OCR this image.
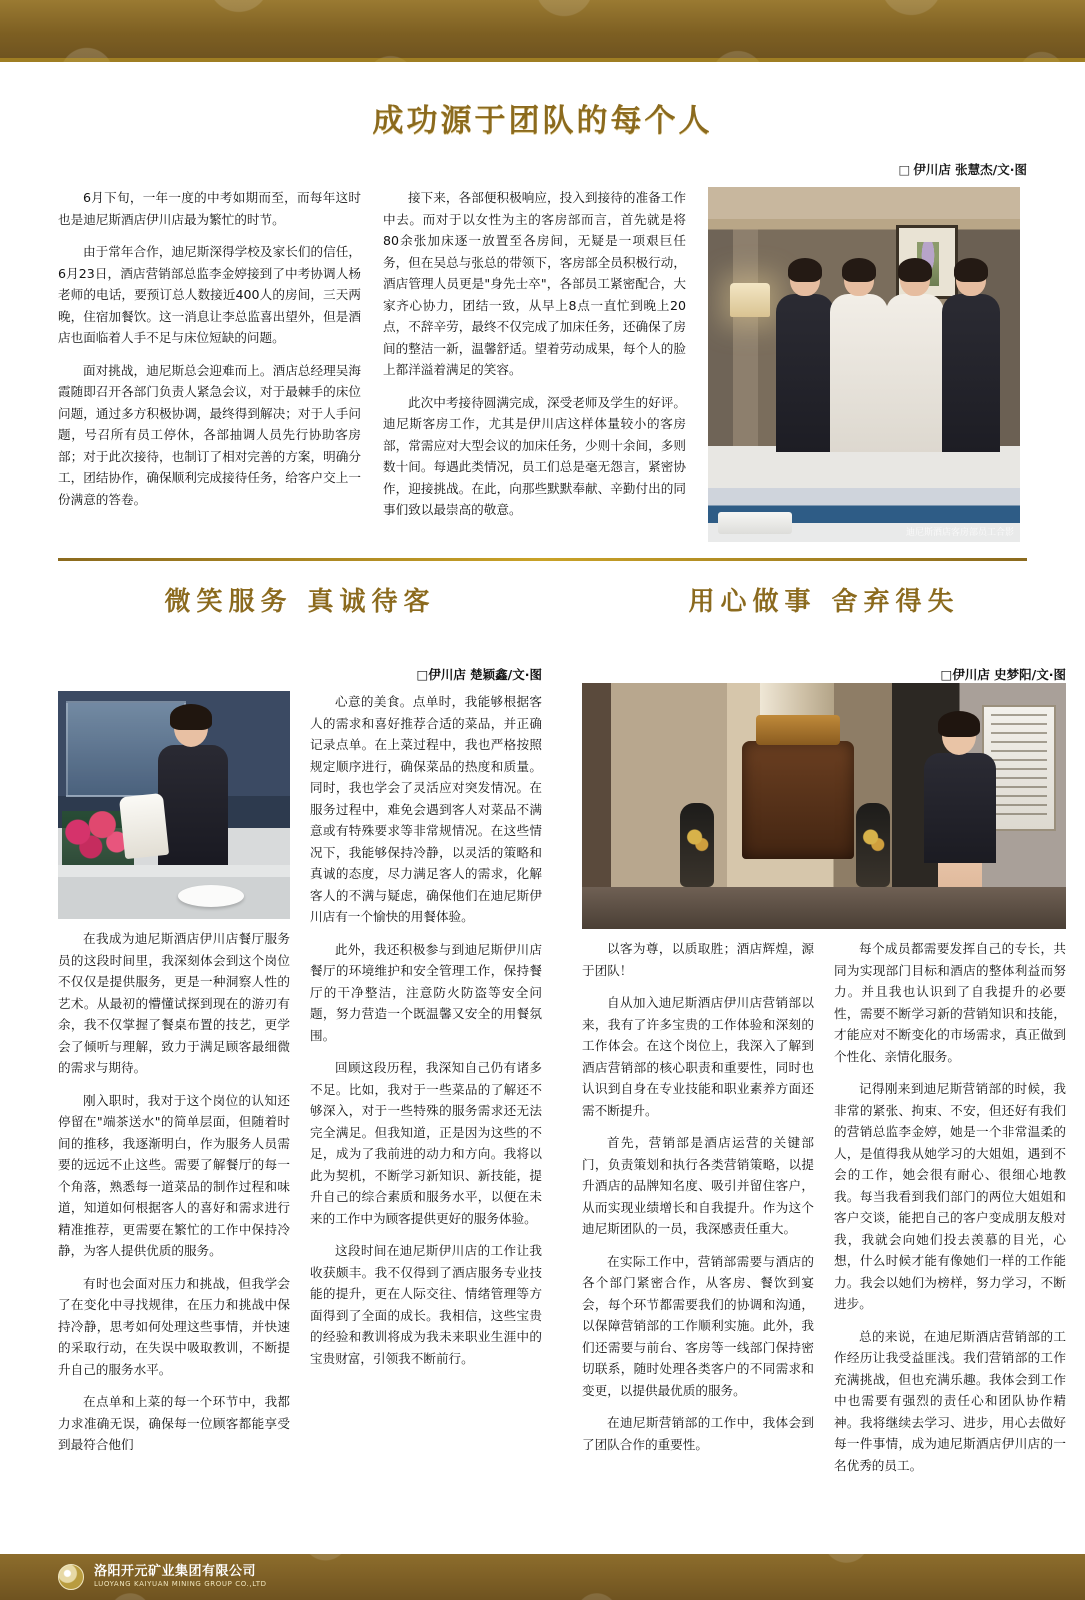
成功源于团队的每个人
□ 伊川店 张慧杰/文·图

6月下旬，一年一度的中考如期而至，而每年这时也是迪尼斯酒店伊川店最为繁忙的时节。

由于常年合作，迪尼斯深得学校及家长们的信任，6月23日，酒店营销部总监李金婷接到了中考协调人杨老师的电话，要预订总人数接近400人的房间，三天两晚，住宿加餐饮。这一消息让李总监喜出望外，但是酒店也面临着人手不足与床位短缺的问题。

面对挑战，迪尼斯总会迎难而上。酒店总经理吴海霞随即召开各部门负责人紧急会议，对于最棘手的床位问题，通过多方积极协调，最终得到解决；对于人手问题，号召所有员工停休，各部抽调人员先行协助客房部；对于此次接待，也制订了相对完善的方案，明确分工，团结协作，确保顺利完成接待任务，给客户交上一份满意的答卷。

接下来，各部便积极响应，投入到接待的准备工作中去。而对于以女性为主的客房部而言，首先就是将80余张加床逐一放置至各房间，无疑是一项艰巨任务，但在吴总与张总的带领下，客房部全员积极行动，酒店管理人员更是"身先士卒"，各部员工紧密配合，大家齐心协力，团结一致，从早上8点一直忙到晚上20点，不辞辛劳，最终不仅完成了加床任务，还确保了房间的整洁一新，温馨舒适。望着劳动成果，每个人的脸上都洋溢着满足的笑容。

此次中考接待圆满完成，深受老师及学生的好评。迪尼斯客房工作，尤其是伊川店这样体量较小的客房部，常需应对大型会议的加床任务，少则十余间，多则数十间。每遇此类情况，员工们总是毫无怨言，紧密协作，迎接挑战。在此，向那些默默奉献、辛勤付出的同事们致以最崇高的敬意。

迪尼斯酒店客房部员工合影
微笑服务 真诚待客
□伊川店 楚颖鑫/文·图

在我成为迪尼斯酒店伊川店餐厅服务员的这段时间里，我深刻体会到这个岗位不仅仅是提供服务，更是一种洞察人性的艺术。从最初的懵懂试探到现在的游刃有余，我不仅掌握了餐桌布置的技艺，更学会了倾听与理解，致力于满足顾客最细微的需求与期待。

刚入职时，我对于这个岗位的认知还停留在"端茶送水"的简单层面，但随着时间的推移，我逐渐明白，作为服务人员需要的远远不止这些。需要了解餐厅的每一个角落，熟悉每一道菜品的制作过程和味道，知道如何根据客人的喜好和需求进行精准推荐，更需要在繁忙的工作中保持冷静，为客人提供优质的服务。

有时也会面对压力和挑战，但我学会了在变化中寻找规律，在压力和挑战中保持冷静，思考如何处理这些事情，并快速的采取行动，在失误中吸取教训，不断提升自己的服务水平。

在点单和上菜的每一个环节中，我都力求准确无误，确保每一位顾客都能享受到最符合他们

心意的美食。点单时，我能够根据客人的需求和喜好推荐合适的菜品，并正确记录点单。在上菜过程中，我也严格按照规定顺序进行，确保菜品的热度和质量。同时，我也学会了灵活应对突发情况。在服务过程中，难免会遇到客人对菜品不满意或有特殊要求等非常规情况。在这些情况下，我能够保持冷静，以灵活的策略和真诚的态度，尽力满足客人的需求，化解客人的不满与疑虑，确保他们在迪尼斯伊川店有一个愉快的用餐体验。

此外，我还积极参与到迪尼斯伊川店餐厅的环境维护和安全管理工作，保持餐厅的干净整洁，注意防火防盗等安全问题，努力营造一个既温馨又安全的用餐氛围。

回顾这段历程，我深知自己仍有诸多不足。比如，我对于一些菜品的了解还不够深入，对于一些特殊的服务需求还无法完全满足。但我知道，正是因为这些的不足，成为了我前进的动力和方向。我将以此为契机，不断学习新知识、新技能，提升自己的综合素质和服务水平，以便在未来的工作中为顾客提供更好的服务体验。

这段时间在迪尼斯伊川店的工作让我收获颇丰。我不仅得到了酒店服务专业技能的提升，更在人际交往、情绪管理等方面得到了全面的成长。我相信，这些宝贵的经验和教训将成为我未来职业生涯中的宝贵财富，引领我不断前行。

用心做事 舍弃得失
□伊川店 史梦阳/文·图

以客为尊，以质取胜；酒店辉煌，源于团队！

自从加入迪尼斯酒店伊川店营销部以来，我有了许多宝贵的工作体验和深刻的工作体会。在这个岗位上，我深入了解到酒店营销部的核心职责和重要性，同时也认识到自身在专业技能和职业素养方面还需不断提升。

首先，营销部是酒店运营的关键部门，负责策划和执行各类营销策略，以提升酒店的品牌知名度、吸引并留住客户，从而实现业绩增长和自我提升。作为这个迪尼斯团队的一员，我深感责任重大。

在实际工作中，营销部需要与酒店的各个部门紧密合作，从客房、餐饮到宴会，每个环节都需要我们的协调和沟通，以保障营销部的工作顺利实施。此外，我们还需要与前台、客房等一线部门保持密切联系，随时处理各类客户的不同需求和变更，以提供最优质的服务。

在迪尼斯营销部的工作中，我体会到了团队合作的重要性。

每个成员都需要发挥自己的专长，共同为实现部门目标和酒店的整体利益而努力。并且我也认识到了自我提升的必要性，需要不断学习新的营销知识和技能，才能应对不断变化的市场需求，真正做到个性化、亲情化服务。

记得刚来到迪尼斯营销部的时候，我非常的紧张、拘束、不安，但还好有我们的营销总监李金婷，她是一个非常温柔的人，是值得我从她学习的大姐姐，遇到不会的工作，她会很有耐心、很细心地教我。每当我看到我们部门的两位大姐姐和客户交谈，能把自己的客户变成朋友般对我，我就会向她们投去羡慕的目光，心想，什么时候才能有像她们一样的工作能力。我会以她们为榜样，努力学习，不断进步。

总的来说，在迪尼斯酒店营销部的工作经历让我受益匪浅。我们营销部的工作充满挑战，但也充满乐趣。我体会到工作中也需要有强烈的责任心和团队协作精神。我将继续去学习、进步，用心去做好每一件事情，成为迪尼斯酒店伊川店的一名优秀的员工。

洛阳开元矿业集团有限公司
LUOYANG KAIYUAN MINING GROUP CO.,LTD
